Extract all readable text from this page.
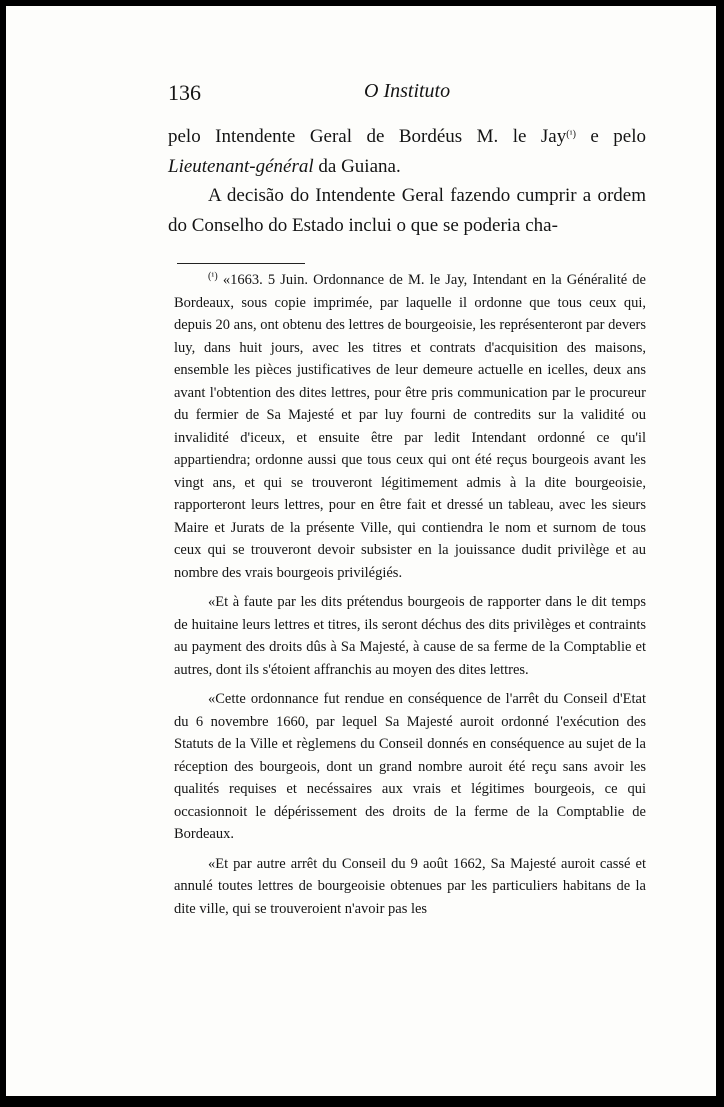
136	O Instituto

pelo Intendente Geral de Bordéus M. le Jay$^{(^1)}$ e pelo Lieutenant-général da Guiana.

A decisão do Intendente Geral fazendo cumprir a ordem do Conselho do Estado inclui o que se poderia cha-

$^{(^1)}$ «1663. 5 Juin. Ordonnance de M. le Jay, Intendant en la Généralité de Bordeaux, sous copie imprimée, par laquelle il ordonne que tous ceux qui, depuis 20 ans, ont obtenu des lettres de bourgeoisie, les représenteront par devers luy, dans huit jours, avec les titres et contrats d'acquisition des maisons, ensemble les pièces justificatives de leur demeure actuelle en icelles, deux ans avant l'obtention des dites lettres, pour être pris communication par le procureur du fermier de Sa Majesté et par luy fourni de contredits sur la validité ou invalidité d'iceux, et ensuite être par ledit Intendant ordonné ce qu'il appartiendra; ordonne aussi que tous ceux qui ont été reçus bourgeois avant les vingt ans, et qui se trouveront légitimement admis à la dite bourgeoisie, rapporteront leurs lettres, pour en être fait et dressé un tableau, avec les sieurs Maire et Jurats de la présente Ville, qui contiendra le nom et surnom de tous ceux qui se trouveront devoir subsister en la jouissance dudit privilège et au nombre des vrais bourgeois privilégiés.

«Et à faute par les dits prétendus bourgeois de rapporter dans le dit temps de huitaine leurs lettres et titres, ils seront déchus des dits privilèges et contraints au payment des droits dûs à Sa Majesté, à cause de sa ferme de la Comptablie et autres, dont ils s'étoient affranchis au moyen des dites lettres.

«Cette ordonnance fut rendue en conséquence de l'arrêt du Conseil d'Etat du 6 novembre 1660, par lequel Sa Majesté auroit ordonné l'exécution des Statuts de la Ville et règlemens du Conseil donnés en conséquence au sujet de la réception des bourgeois, dont un grand nombre auroit été reçu sans avoir les qualités requises et necéssaires aux vrais et légitimes bourgeois, ce qui occasionnoit le dépérissement des droits de la ferme de la Comptablie de Bordeaux.

«Et par autre arrêt du Conseil du 9 août 1662, Sa Majesté auroit cassé et annulé toutes lettres de bourgeoisie obtenues par les particuliers habitans de la dite ville, qui se trouveroient n'avoir pas les
